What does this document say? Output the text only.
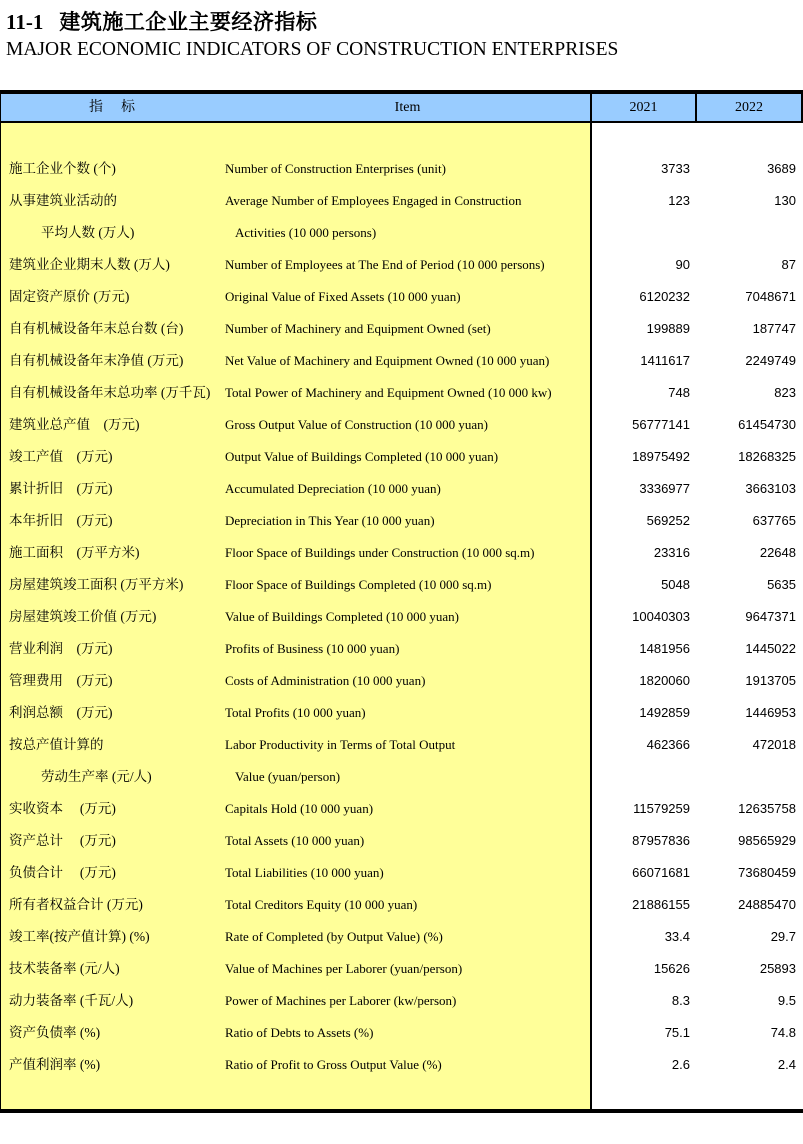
11-1 建筑施工企业主要经济指标
MAJOR ECONOMIC INDICATORS OF CONSTRUCTION ENTERPRISES
指　标	Item	2021	2022
施工企业个数 (个)	Number of Construction Enterprises (unit)	3733	3689
从事建筑业活动的	Average Number of Employees Engaged in Construction	123	130
平均人数 (万人)	Activities (10 000 persons)
建筑业企业期末人数 (万人)	Number of Employees at The End of Period (10 000 persons)	90	87
固定资产原价 (万元)	Original Value of Fixed Assets (10 000 yuan)	6120232	7048671
自有机械设备年末总台数 (台)	Number of Machinery and Equipment Owned (set)	199889	187747
自有机械设备年末净值 (万元)	Net Value of Machinery and Equipment Owned (10 000 yuan)	1411617	2249749
自有机械设备年末总功率 (万千瓦)	Total Power of Machinery and Equipment Owned (10 000 kw)	748	823
建筑业总产值　(万元)	Gross Output Value of Construction (10 000 yuan)	56777141	61454730
竣工产值　(万元)	Output Value of Buildings Completed (10 000 yuan)	18975492	18268325
累计折旧　(万元)	Accumulated Depreciation (10 000 yuan)	3336977	3663103
本年折旧　(万元)	Depreciation in This Year (10 000 yuan)	569252	637765
施工面积　(万平方米)	Floor Space of Buildings under Construction (10 000 sq.m)	23316	22648
房屋建筑竣工面积 (万平方米)	Floor Space of Buildings Completed (10 000 sq.m)	5048	5635
房屋建筑竣工价值 (万元)	Value of Buildings Completed (10 000 yuan)	10040303	9647371
营业利润　(万元)	Profits of Business (10 000 yuan)	1481956	1445022
管理费用　(万元)	Costs of Administration (10 000 yuan)	1820060	1913705
利润总额　(万元)	Total Profits (10 000 yuan)	1492859	1446953
按总产值计算的	Labor Productivity in Terms of Total Output	462366	472018
劳动生产率 (元/人)	Value (yuan/person)
实收资本　 (万元)	Capitals Hold (10 000 yuan)	11579259	12635758
资产总计　 (万元)	Total Assets (10 000 yuan)	87957836	98565929
负债合计　 (万元)	Total Liabilities (10 000 yuan)	66071681	73680459
所有者权益合计 (万元)	Total Creditors Equity (10 000 yuan)	21886155	24885470
竣工率(按产值计算) (%)	Rate of Completed (by Output Value) (%)	33.4	29.7
技术装备率 (元/人)	Value of Machines per Laborer (yuan/person)	15626	25893
动力装备率 (千瓦/人)	Power of Machines per Laborer (kw/person)	8.3	9.5
资产负债率 (%)	Ratio of Debts to Assets (%)	75.1	74.8
产值利润率 (%)	Ratio of Profit to Gross Output Value (%)	2.6	2.4
